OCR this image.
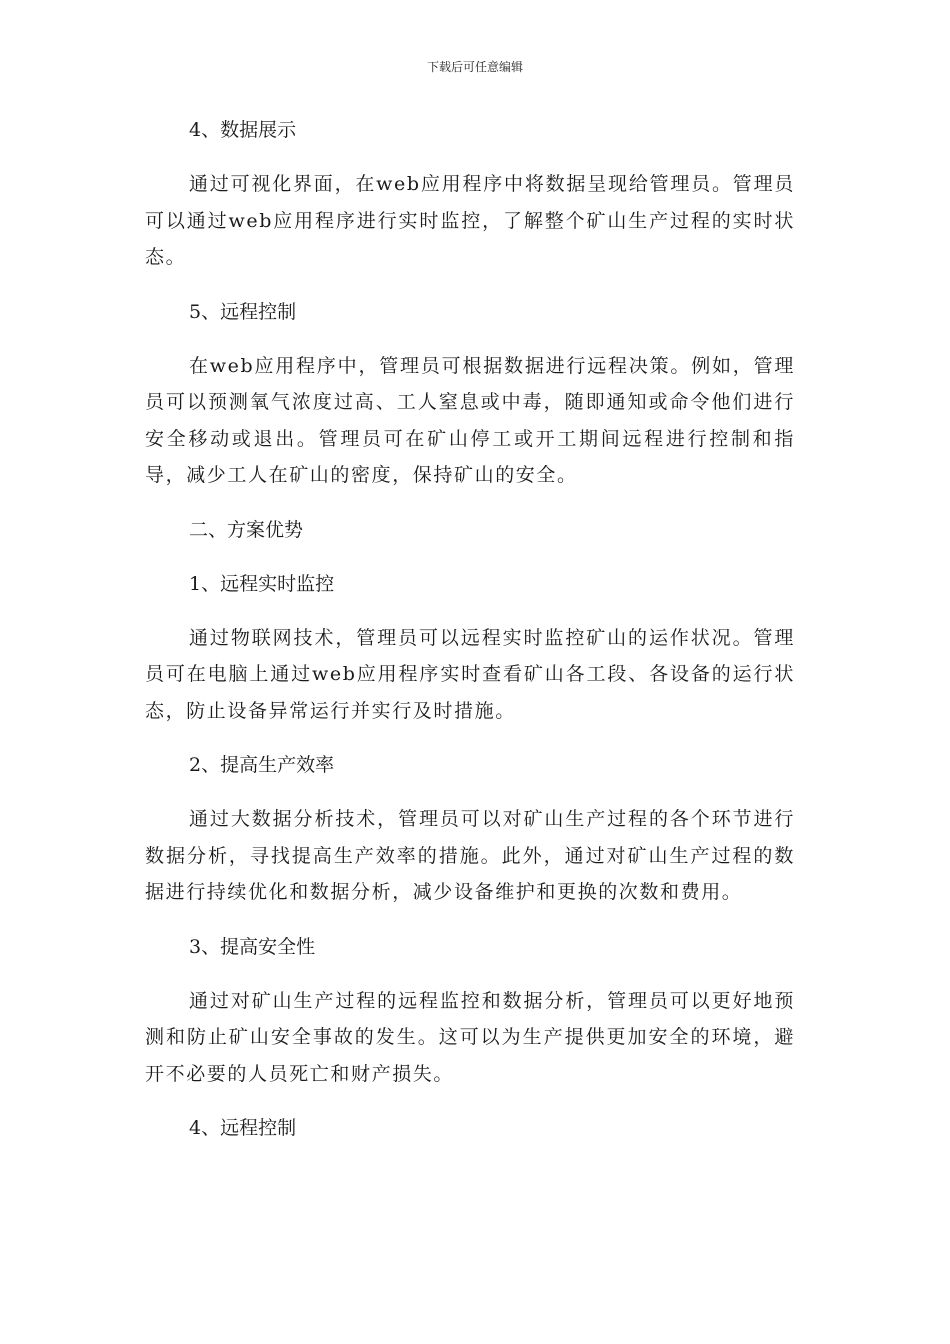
下载后可任意编辑
4、数据展示
通过可视化界面，在web应用程序中将数据呈现给管理员。管理员可以通过web应用程序进行实时监控，了解整个矿山生产过程的实时状态。
5、远程控制
在web应用程序中，管理员可根据数据进行远程决策。例如，管理员可以预测氧气浓度过高、工人窒息或中毒，随即通知或命令他们进行安全移动或退出。管理员可在矿山停工或开工期间远程进行控制和指导，减少工人在矿山的密度，保持矿山的安全。
二、方案优势
1、远程实时监控
通过物联网技术，管理员可以远程实时监控矿山的运作状况。管理员可在电脑上通过web应用程序实时查看矿山各工段、各设备的运行状态，防止设备异常运行并实行及时措施。
2、提高生产效率
通过大数据分析技术，管理员可以对矿山生产过程的各个环节进行数据分析，寻找提高生产效率的措施。此外，通过对矿山生产过程的数据进行持续优化和数据分析，减少设备维护和更换的次数和费用。
3、提高安全性
通过对矿山生产过程的远程监控和数据分析，管理员可以更好地预测和防止矿山安全事故的发生。这可以为生产提供更加安全的环境，避开不必要的人员死亡和财产损失。
4、远程控制
